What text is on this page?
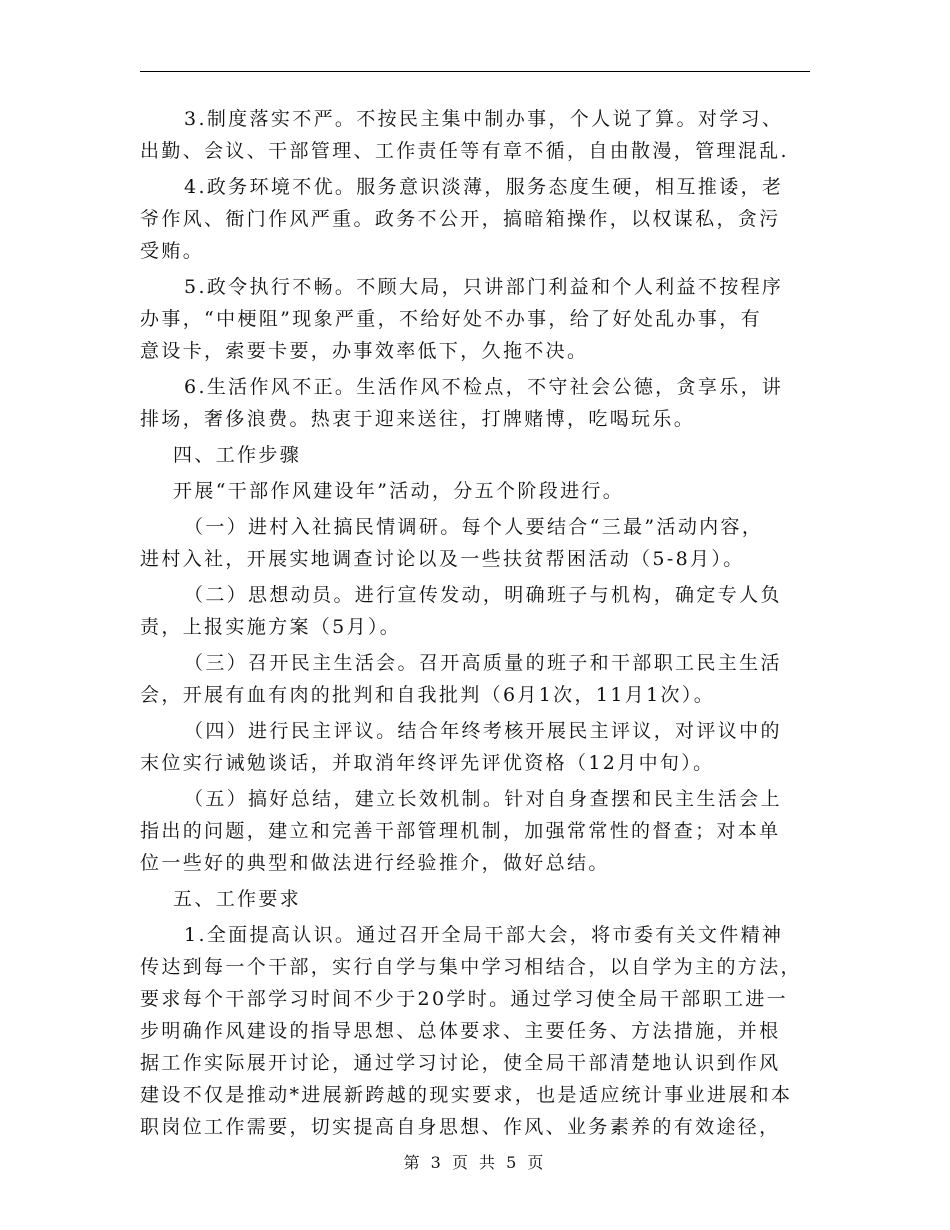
3.制度落实不严。不按民主集中制办事，个人说了算。对学习、
出勤、会议、干部管理、工作责任等有章不循，自由散漫，管理混乱.
4.政务环境不优。服务意识淡薄，服务态度生硬，相互推诿，老
爷作风、衙门作风严重。政务不公开，搞暗箱操作，以权谋私，贪污
受贿。
5.政令执行不畅。不顾大局，只讲部门利益和个人利益不按程序
办事，“中梗阻”现象严重，不给好处不办事，给了好处乱办事，有
意设卡，索要卡要，办事效率低下，久拖不决。
6.生活作风不正。生活作风不检点，不守社会公德，贪享乐，讲
排场，奢侈浪费。热衷于迎来送往，打牌赌博，吃喝玩乐。
四、工作步骤
开展“干部作风建设年”活动，分五个阶段进行。
（一）进村入社搞民情调研。每个人要结合“三最”活动内容，
进村入社，开展实地调查讨论以及一些扶贫帮困活动（5-8月）。
（二）思想动员。进行宣传发动，明确班子与机构，确定专人负
责，上报实施方案（5月）。
（三）召开民主生活会。召开高质量的班子和干部职工民主生活
会，开展有血有肉的批判和自我批判（6月1次，11月1次）。
（四）进行民主评议。结合年终考核开展民主评议，对评议中的
末位实行诫勉谈话，并取消年终评先评优资格（12月中旬）。
（五）搞好总结，建立长效机制。针对自身查摆和民主生活会上
指出的问题，建立和完善干部管理机制，加强常常性的督查；对本单
位一些好的典型和做法进行经验推介，做好总结。
五、工作要求
1.全面提高认识。通过召开全局干部大会，将市委有关文件精神
传达到每一个干部，实行自学与集中学习相结合，以自学为主的方法，
要求每个干部学习时间不少于20学时。通过学习使全局干部职工进一
步明确作风建设的指导思想、总体要求、主要任务、方法措施，并根
据工作实际展开讨论，通过学习讨论，使全局干部清楚地认识到作风
建设不仅是推动*进展新跨越的现实要求，也是适应统计事业进展和本
职岗位工作需要，切实提高自身思想、作风、业务素养的有效途径，
第 3 页 共 5 页
